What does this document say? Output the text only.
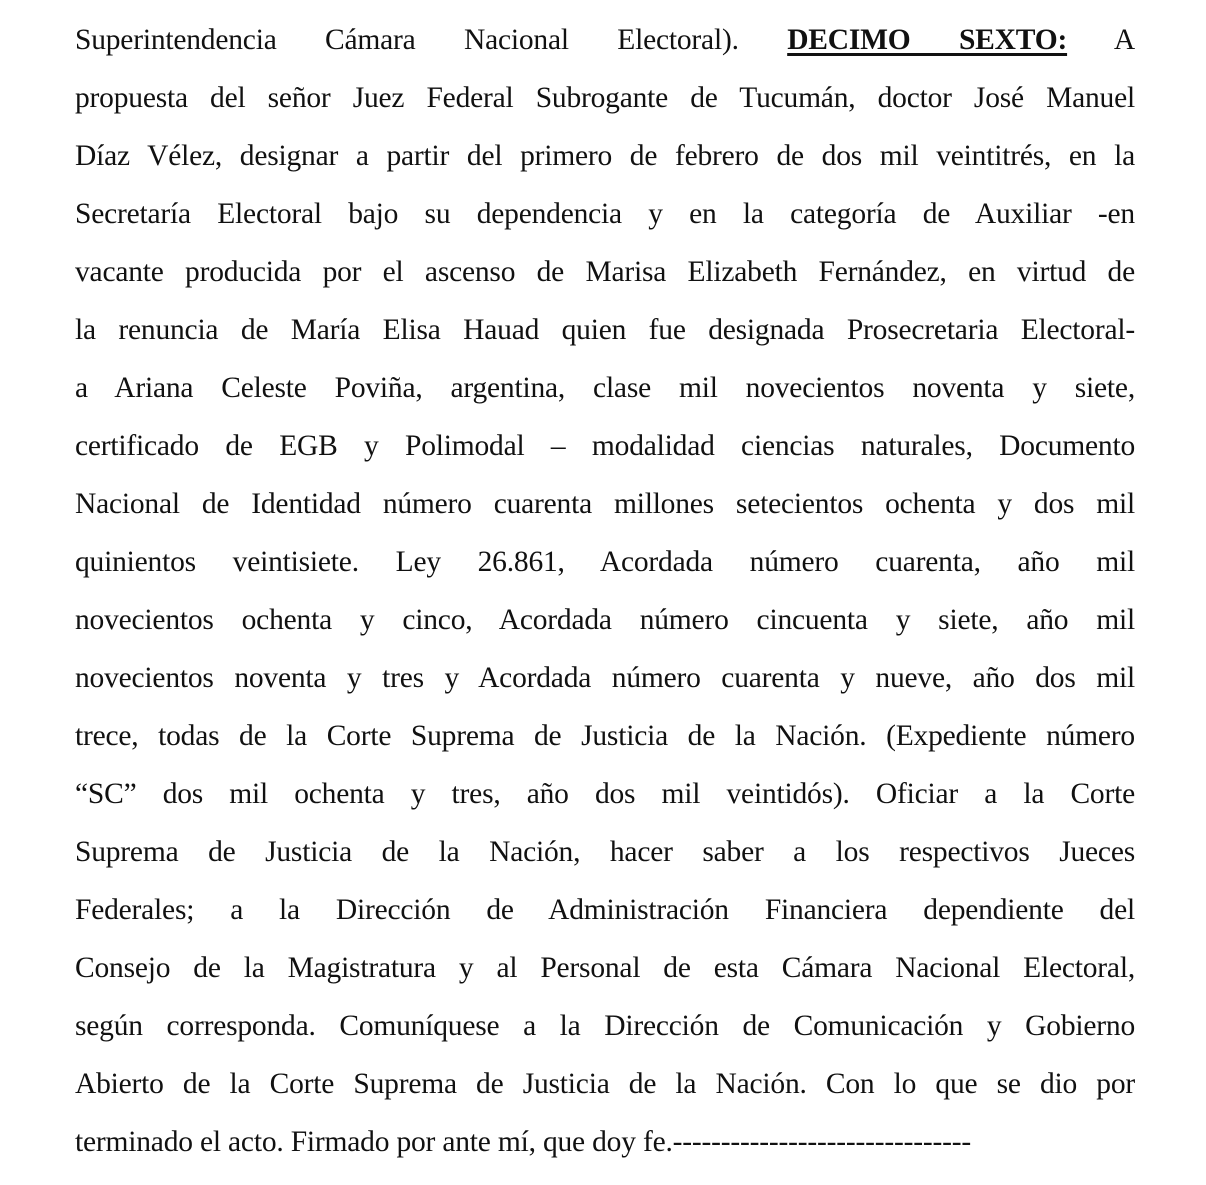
Superintendencia Cámara Nacional Electoral). DECIMO SEXTO: A
propuesta del señor Juez Federal Subrogante de Tucumán, doctor José Manuel
Díaz Vélez, designar a partir del primero de febrero de dos mil veintitrés, en la
Secretaría Electoral bajo su dependencia y en la categoría de Auxiliar -en
vacante producida por el ascenso de Marisa Elizabeth Fernández, en virtud de
la renuncia de María Elisa Hauad quien fue designada Prosecretaria Electoral-
a Ariana Celeste Poviña, argentina, clase mil novecientos noventa y siete,
certificado de EGB y Polimodal – modalidad ciencias naturales, Documento
Nacional de Identidad número cuarenta millones setecientos ochenta y dos mil
quinientos veintisiete. Ley 26.861, Acordada número cuarenta, año mil
novecientos ochenta y cinco, Acordada número cincuenta y siete, año mil
novecientos noventa y tres y Acordada número cuarenta y nueve, año dos mil
trece, todas de la Corte Suprema de Justicia de la Nación. (Expediente número
“SC” dos mil ochenta y tres, año dos mil veintidós). Oficiar a la Corte
Suprema de Justicia de la Nación, hacer saber a los respectivos Jueces
Federales; a la Dirección de Administración Financiera dependiente del
Consejo de la Magistratura y al Personal de esta Cámara Nacional Electoral,
según corresponda. Comuníquese a la Dirección de Comunicación y Gobierno
Abierto de la Corte Suprema de Justicia de la Nación. Con lo que se dio por
terminado el acto. Firmado por ante mí, que doy fe.-------------------------------
